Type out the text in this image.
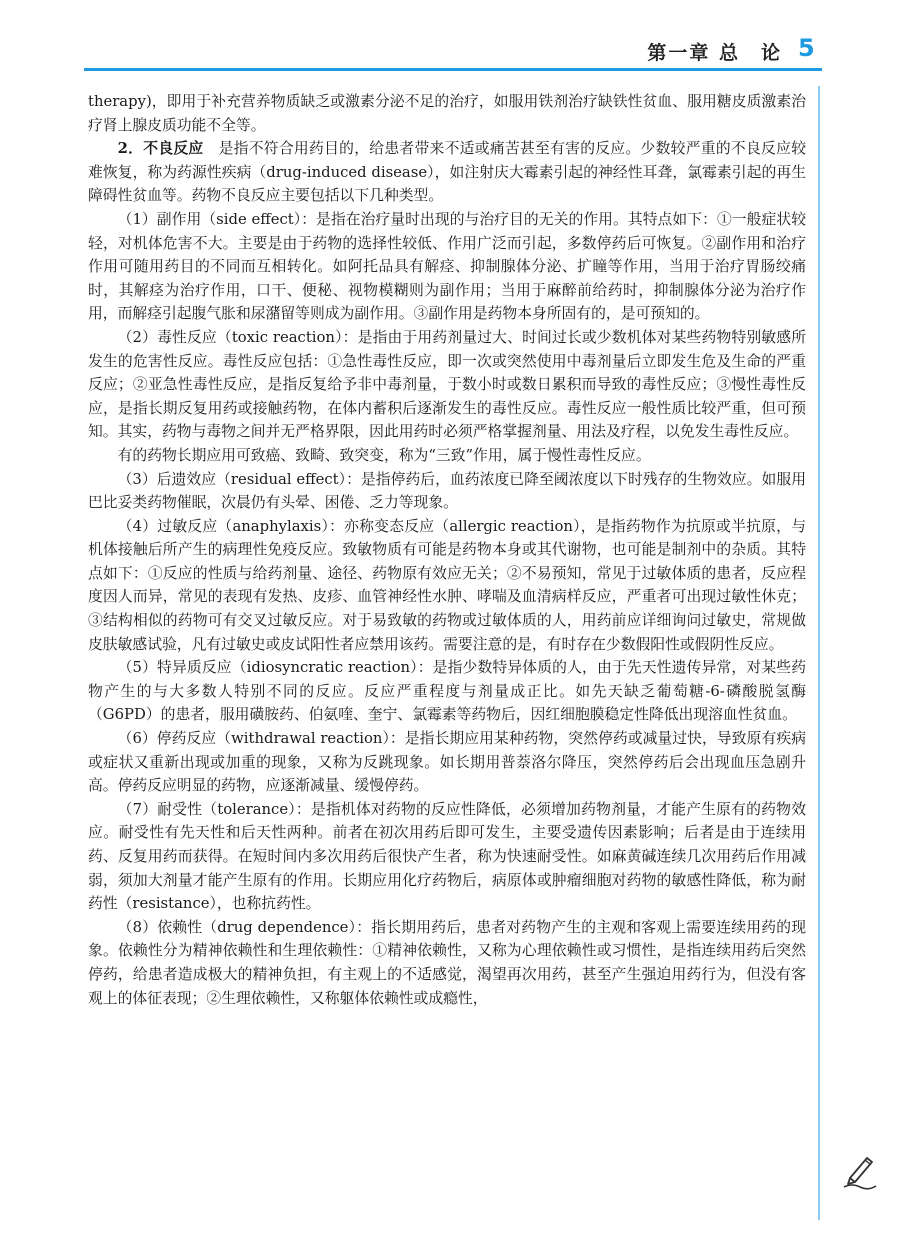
第一章 总　论 5

therapy)，即用于补充营养物质缺乏或激素分泌不足的治疗，如服用铁剂治疗缺铁性贫血、服用糖皮质激素治疗肾上腺皮质功能不全等。

2．不良反应　是指不符合用药目的，给患者带来不适或痛苦甚至有害的反应。少数较严重的不良反应较难恢复，称为药源性疾病（drug-induced disease），如注射庆大霉素引起的神经性耳聋，氯霉素引起的再生障碍性贫血等。药物不良反应主要包括以下几种类型。

（1）副作用（side effect）：是指在治疗量时出现的与治疗目的无关的作用。其特点如下：①一般症状较轻，对机体危害不大。主要是由于药物的选择性较低、作用广泛而引起，多数停药后可恢复。②副作用和治疗作用可随用药目的不同而互相转化。如阿托品具有解痉、抑制腺体分泌、扩瞳等作用，当用于治疗胃肠绞痛时，其解痉为治疗作用，口干、便秘、视物模糊则为副作用；当用于麻醉前给药时，抑制腺体分泌为治疗作用，而解痉引起腹气胀和尿潴留等则成为副作用。③副作用是药物本身所固有的，是可预知的。

（2）毒性反应（toxic reaction）：是指由于用药剂量过大、时间过长或少数机体对某些药物特别敏感所发生的危害性反应。毒性反应包括：①急性毒性反应，即一次或突然使用中毒剂量后立即发生危及生命的严重反应；②亚急性毒性反应，是指反复给予非中毒剂量，于数小时或数日累积而导致的毒性反应；③慢性毒性反应，是指长期反复用药或接触药物，在体内蓄积后逐渐发生的毒性反应。毒性反应一般性质比较严重，但可预知。其实，药物与毒物之间并无严格界限，因此用药时必须严格掌握剂量、用法及疗程，以免发生毒性反应。

有的药物长期应用可致癌、致畸、致突变，称为“三致”作用，属于慢性毒性反应。

（3）后遗效应（residual effect）：是指停药后，血药浓度已降至阈浓度以下时残存的生物效应。如服用巴比妥类药物催眠，次晨仍有头晕、困倦、乏力等现象。

（4）过敏反应（anaphylaxis）：亦称变态反应（allergic reaction），是指药物作为抗原或半抗原，与机体接触后所产生的病理性免疫反应。致敏物质有可能是药物本身或其代谢物，也可能是制剂中的杂质。其特点如下：①反应的性质与给药剂量、途径、药物原有效应无关；②不易预知，常见于过敏体质的患者，反应程度因人而异，常见的表现有发热、皮疹、血管神经性水肿、哮喘及血清病样反应，严重者可出现过敏性休克；③结构相似的药物可有交叉过敏反应。对于易致敏的药物或过敏体质的人，用药前应详细询问过敏史，常规做皮肤敏感试验，凡有过敏史或皮试阳性者应禁用该药。需要注意的是，有时存在少数假阳性或假阴性反应。

（5）特异质反应（idiosyncratic reaction）：是指少数特异体质的人，由于先天性遗传异常，对某些药物产生的与大多数人特别不同的反应。反应严重程度与剂量成正比。如先天缺乏葡萄糖-6-磷酸脱氢酶（G6PD）的患者，服用磺胺药、伯氨喹、奎宁、氯霉素等药物后，因红细胞膜稳定性降低出现溶血性贫血。

（6）停药反应（withdrawal reaction）：是指长期应用某种药物，突然停药或减量过快，导致原有疾病或症状又重新出现或加重的现象，又称为反跳现象。如长期用普萘洛尔降压，突然停药后会出现血压急剧升高。停药反应明显的药物，应逐渐减量、缓慢停药。

（7）耐受性（tolerance）：是指机体对药物的反应性降低，必须增加药物剂量，才能产生原有的药物效应。耐受性有先天性和后天性两种。前者在初次用药后即可发生，主要受遗传因素影响；后者是由于连续用药、反复用药而获得。在短时间内多次用药后很快产生者，称为快速耐受性。如麻黄碱连续几次用药后作用减弱，须加大剂量才能产生原有的作用。长期应用化疗药物后，病原体或肿瘤细胞对药物的敏感性降低，称为耐药性（resistance），也称抗药性。

（8）依赖性（drug dependence）：指长期用药后，患者对药物产生的主观和客观上需要连续用药的现象。依赖性分为精神依赖性和生理依赖性：①精神依赖性，又称为心理依赖性或习惯性，是指连续用药后突然停药，给患者造成极大的精神负担，有主观上的不适感觉，渴望再次用药，甚至产生强迫用药行为，但没有客观上的体征表现；②生理依赖性，又称躯体依赖性或成瘾性，
